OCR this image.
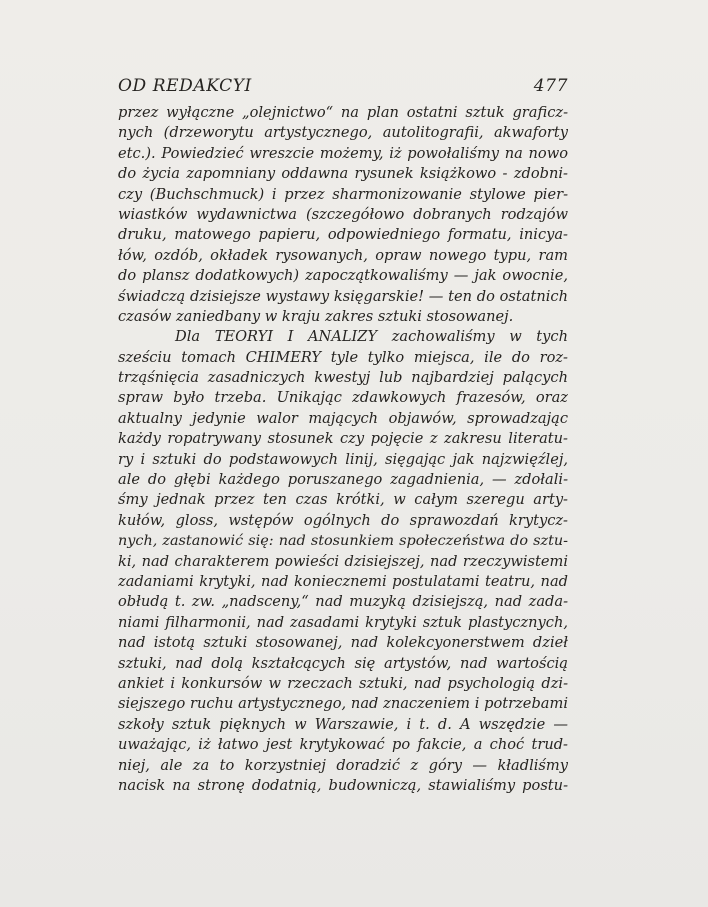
OD REDAKCYI	477
przez wyłączne „olejnictwo“ na plan ostatni sztuk graficz-
nych (drzeworytu artystycznego, autolitografii, akwaforty
etc.). Powiedzieć wreszcie możemy, iż powołaliśmy na nowo
do życia zapomniany oddawna rysunek książkowo - zdobni-
czy (Buchschmuck) i przez sharmonizowanie stylowe pier-
wiastków wydawnictwa (szczegółowo dobranych rodzajów
druku, matowego papieru, odpowiedniego formatu, inicya-
łów, ozdób, okładek rysowanych, opraw nowego typu, ram
do plansz dodatkowych) zapoczątkowaliśmy — jak owocnie,
świadczą dzisiejsze wystawy księgarskie! — ten do ostatnich
czasów zaniedbany w kraju zakres sztuki stosowanej.
Dla TEORYI I ANALIZY zachowaliśmy w tych
sześciu tomach CHIMERY tyle tylko miejsca, ile do roz-
trząśnięcia zasadniczych kwestyj lub najbardziej palących
spraw było trzeba. Unikając zdawkowych frazesów, oraz
aktualny jedynie walor mających objawów, sprowadzając
każdy ropatrywany stosunek czy pojęcie z zakresu literatu-
ry i sztuki do podstawowych linij, sięgając jak najzwięźlej,
ale do głębi każdego poruszanego zagadnienia, — zdołali-
śmy jednak przez ten czas krótki, w całym szeregu arty-
kułów, gloss, wstępów ogólnych do sprawozdań krytycz-
nych, zastanowić się: nad stosunkiem społeczeństwa do sztu-
ki, nad charakterem powieści dzisiejszej, nad rzeczywistemi
zadaniami krytyki, nad koniecznemi postulatami teatru, nad
obłudą t. zw. „nadsceny,“ nad muzyką dzisiejszą, nad zada-
niami filharmonii, nad zasadami krytyki sztuk plastycznych,
nad istotą sztuki stosowanej, nad kolekcyonerstwem dzieł
sztuki, nad dolą kształcących się artystów, nad wartością
ankiet i konkursów w rzeczach sztuki, nad psychologią dzi-
siejszego ruchu artystycznego, nad znaczeniem i potrzebami
szkoły sztuk pięknych w Warszawie, i t. d. A wszędzie —
uważając, iż łatwo jest krytykować po fakcie, a choć trud-
niej, ale za to korzystniej doradzić z góry — kładliśmy
nacisk na stronę dodatnią, budowniczą, stawialiśmy postu-
